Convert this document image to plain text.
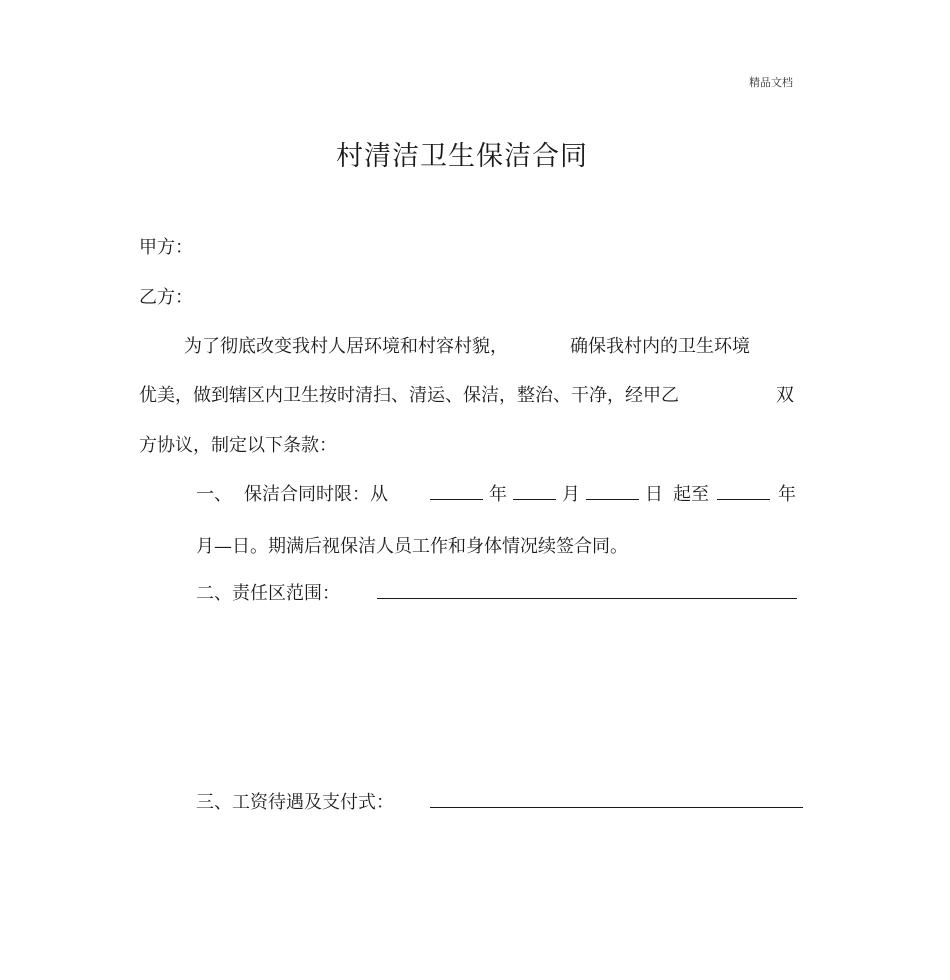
精品文档
村清洁卫生保洁合同
甲方：
乙方：
为了彻底改变我村人居环境和村容村貌，	确保我村内的卫生环境
优美，做到辖区内卫生按时清扫、清运、保洁，整治、干净，经甲乙	双
方协议，制定以下条款：
一、 保洁合同时限：从	年	月	日 起至	年
月—日。期满后视保洁人员工作和身体情况续签合同。
二、责任区范围：
三、工资待遇及支付式：
